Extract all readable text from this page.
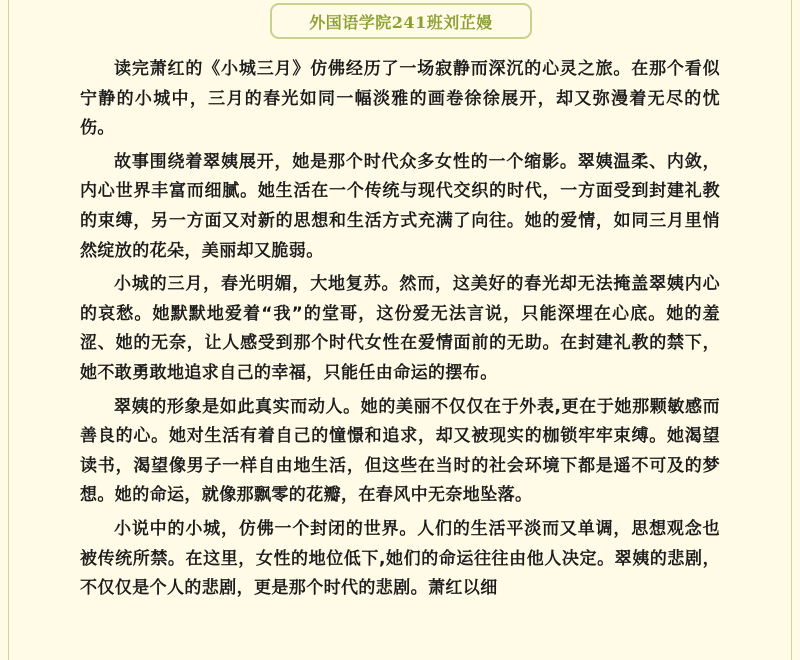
外国语学院241班刘芷嫚

读完萧红的《小城三月》仿佛经历了一场寂静而深沉的心灵之旅。在那个看似宁静的小城中，三月的春光如同一幅淡雅的画卷徐徐展开，却又弥漫着无尽的忧伤。

故事围绕着翠姨展开，她是那个时代众多女性的一个缩影。翠姨温柔、内敛，内心世界丰富而细腻。她生活在一个传统与现代交织的时代，一方面受到封建礼教的束缚，另一方面又对新的思想和生活方式充满了向往。她的爱情，如同三月里悄然绽放的花朵，美丽却又脆弱。

小城的三月，春光明媚，大地复苏。然而，这美好的春光却无法掩盖翠姨内心的哀愁。她默默地爱着“我”的堂哥，这份爱无法言说，只能深埋在心底。她的羞涩、她的无奈，让人感受到那个时代女性在爱情面前的无助。在封建礼教的禁下，她不敢勇敢地追求自己的幸福，只能任由命运的摆布。

翠姨的形象是如此真实而动人。她的美丽不仅仅在于外表,更在于她那颗敏感而善良的心。她对生活有着自己的憧憬和追求，却又被现实的枷锁牢牢束缚。她渴望读书，渴望像男子一样自由地生活，但这些在当时的社会环境下都是遥不可及的梦想。她的命运，就像那飘零的花瓣，在春风中无奈地坠落。

小说中的小城，仿佛一个封闭的世界。人们的生活平淡而又单调，思想观念也被传统所禁。在这里，女性的地位低下,她们的命运往往由他人决定。翠姨的悲剧，不仅仅是个人的悲剧，更是那个时代的悲剧。萧红以细
